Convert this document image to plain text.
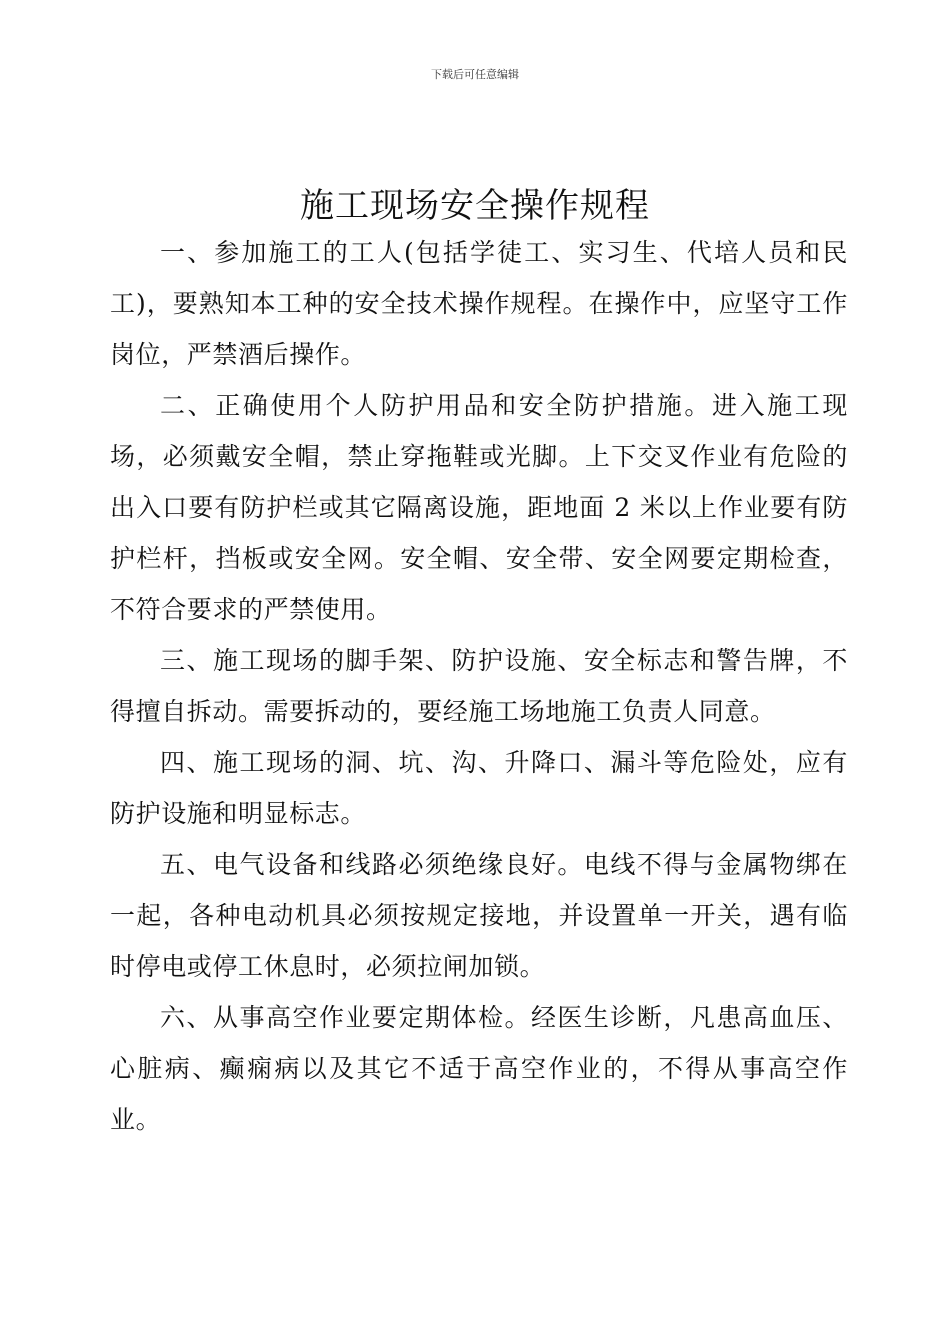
下载后可任意编辑
施工现场安全操作规程

一、参加施工的工人(包括学徒工、实习生、代培人员和民工)，要熟知本工种的安全技术操作规程。在操作中，应坚守工作岗位，严禁酒后操作。

二、正确使用个人防护用品和安全防护措施。进入施工现场，必须戴安全帽，禁止穿拖鞋或光脚。上下交叉作业有危险的出入口要有防护栏或其它隔离设施，距地面 2 米以上作业要有防护栏杆，挡板或安全网。安全帽、安全带、安全网要定期检查，不符合要求的严禁使用。

三、施工现场的脚手架、防护设施、安全标志和警告牌，不得擅自拆动。需要拆动的，要经施工场地施工负责人同意。

四、施工现场的洞、坑、沟、升降口、漏斗等危险处，应有防护设施和明显标志。

五、电气设备和线路必须绝缘良好。电线不得与金属物绑在一起，各种电动机具必须按规定接地，并设置单一开关，遇有临时停电或停工休息时，必须拉闸加锁。

六、从事高空作业要定期体检。经医生诊断，凡患高血压、心脏病、癫痫病以及其它不适于高空作业的，不得从事高空作业。
